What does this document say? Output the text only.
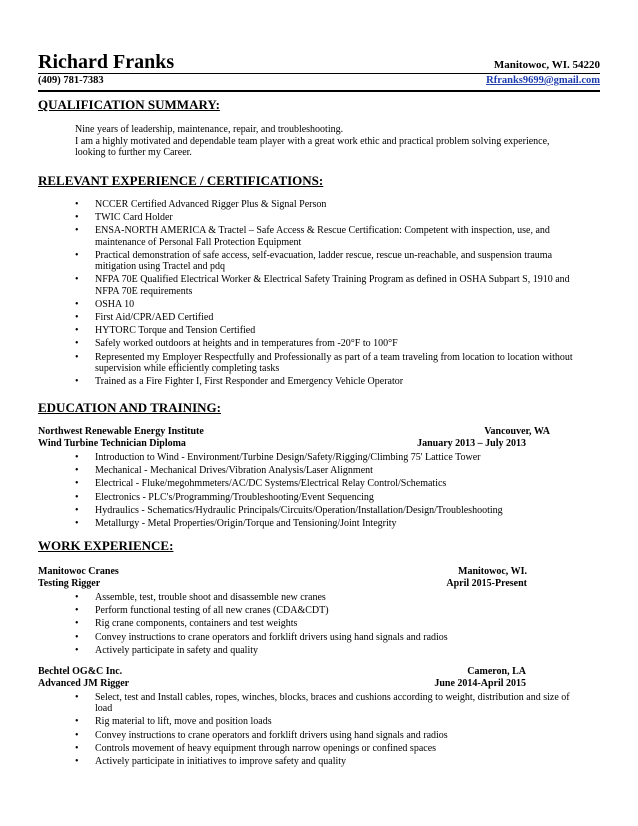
Richard Franks	Manitowoc, WI. 54220
(409) 781-7383	Rfranks9699@gmail.com
QUALIFICATION SUMMARY:

Nine years of leadership, maintenance, repair, and troubleshooting.

I am a highly motivated and dependable team player with a great work ethic and practical problem solving experience, looking to further my Career.

RELEVANT EXPERIENCE / CERTIFICATIONS:
• NCCER Certified Advanced Rigger Plus & Signal Person
• TWIC Card Holder
• ENSA-NORTH AMERICA & Tractel – Safe Access & Rescue Certification: Competent with inspection, use, and maintenance of Personal Fall Protection Equipment
• Practical demonstration of safe access, self-evacuation, ladder rescue, rescue un-reachable, and suspension trauma mitigation using Tractel and pdq
• NFPA 70E Qualified Electrical Worker & Electrical Safety Training Program as defined in OSHA Subpart S, 1910 and NFPA 70E requirements
• OSHA 10
• First Aid/CPR/AED Certified
• HYTORC Torque and Tension Certified
• Safely worked outdoors at heights and in temperatures from -20°F to 100°F
• Represented my Employer Respectfully and Professionally as part of a team traveling from location to location without supervision while efficiently completing tasks
• Trained as a Fire Fighter I, First Responder and Emergency Vehicle Operator
EDUCATION AND TRAINING:
Northwest Renewable Energy Institute	Vancouver, WA
Wind Turbine Technician Diploma	January 2013 – July 2013
• Introduction to Wind - Environment/Turbine Design/Safety/Rigging/Climbing 75' Lattice Tower
• Mechanical - Mechanical Drives/Vibration Analysis/Laser Alignment
• Electrical - Fluke/megohmmeters/AC/DC Systems/Electrical Relay Control/Schematics
• Electronics - PLC's/Programming/Troubleshooting/Event Sequencing
• Hydraulics - Schematics/Hydraulic Principals/Circuits/Operation/Installation/Design/Troubleshooting
• Metallurgy - Metal Properties/Origin/Torque and Tensioning/Joint Integrity
WORK EXPERIENCE:
Manitowoc Cranes	Manitowoc, WI.
Testing Rigger	April 2015-Present
• Assemble, test, trouble shoot and disassemble new cranes
• Perform functional testing of all new cranes (CDA&CDT)
• Rig crane components, containers and test weights
• Convey instructions to crane operators and forklift drivers using hand signals and radios
• Actively participate in safety and quality
Bechtel OG&C Inc.	Cameron, LA
Advanced JM Rigger	June 2014-April 2015
• Select, test and Install cables, ropes, winches, blocks, braces and cushions according to weight, distribution and size of load
• Rig material to lift, move and position loads
• Convey instructions to crane operators and forklift drivers using hand signals and radios
• Controls movement of heavy equipment through narrow openings or confined spaces
• Actively participate in initiatives to improve safety and quality
